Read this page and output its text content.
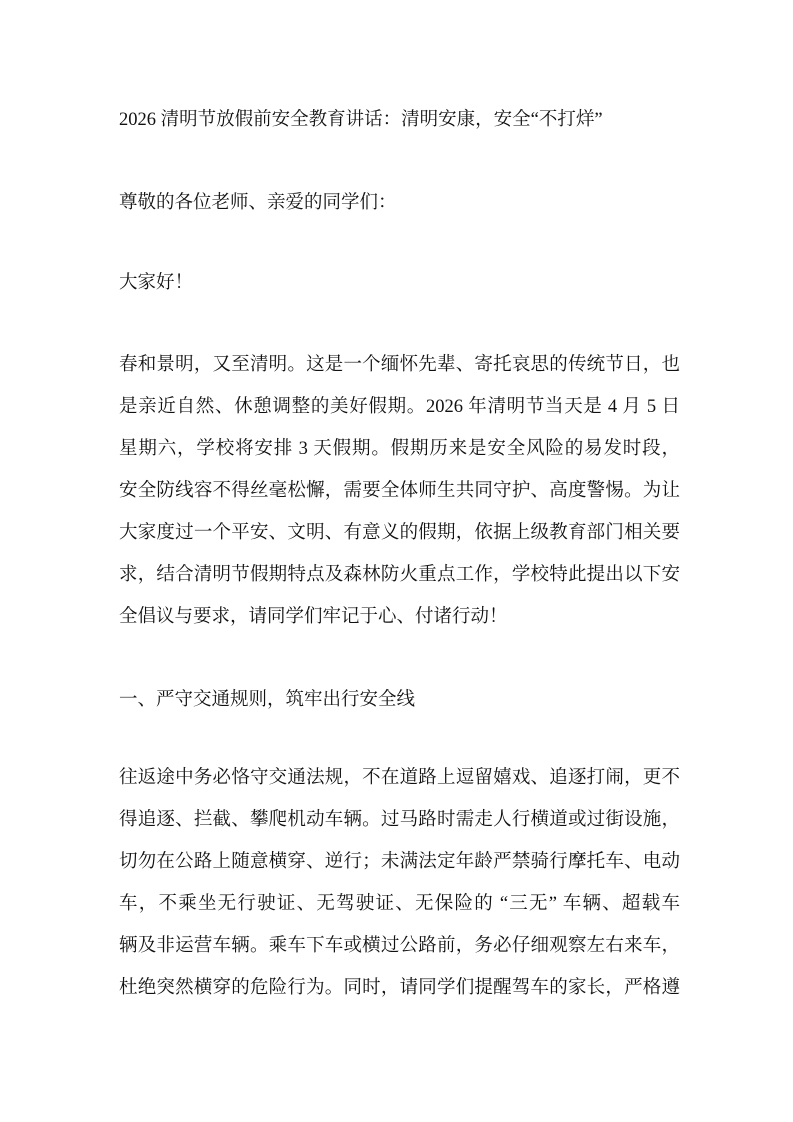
2026 清明节放假前安全教育讲话：清明安康，安全“不打烊”
尊敬的各位老师、亲爱的同学们：
大家好！
春和景明，又至清明。这是一个缅怀先辈、寄托哀思的传统节日，也
是亲近自然、休憩调整的美好假期。2026 年清明节当天是 4 月 5 日
星期六，学校将安排 3 天假期。假期历来是安全风险的易发时段，
安全防线容不得丝毫松懈，需要全体师生共同守护、高度警惕。为让
大家度过一个平安、文明、有意义的假期，依据上级教育部门相关要
求，结合清明节假期特点及森林防火重点工作，学校特此提出以下安
全倡议与要求，请同学们牢记于心、付诸行动！
一、严守交通规则，筑牢出行安全线
往返途中务必恪守交通法规，不在道路上逗留嬉戏、追逐打闹，更不
得追逐、拦截、攀爬机动车辆。过马路时需走人行横道或过街设施，
切勿在公路上随意横穿、逆行；未满法定年龄严禁骑行摩托车、电动
车，不乘坐无行驶证、无驾驶证、无保险的 “三无” 车辆、超载车
辆及非运营车辆。乘车下车或横过公路前，务必仔细观察左右来车，
杜绝突然横穿的危险行为。同时，请同学们提醒驾车的家长，严格遵
